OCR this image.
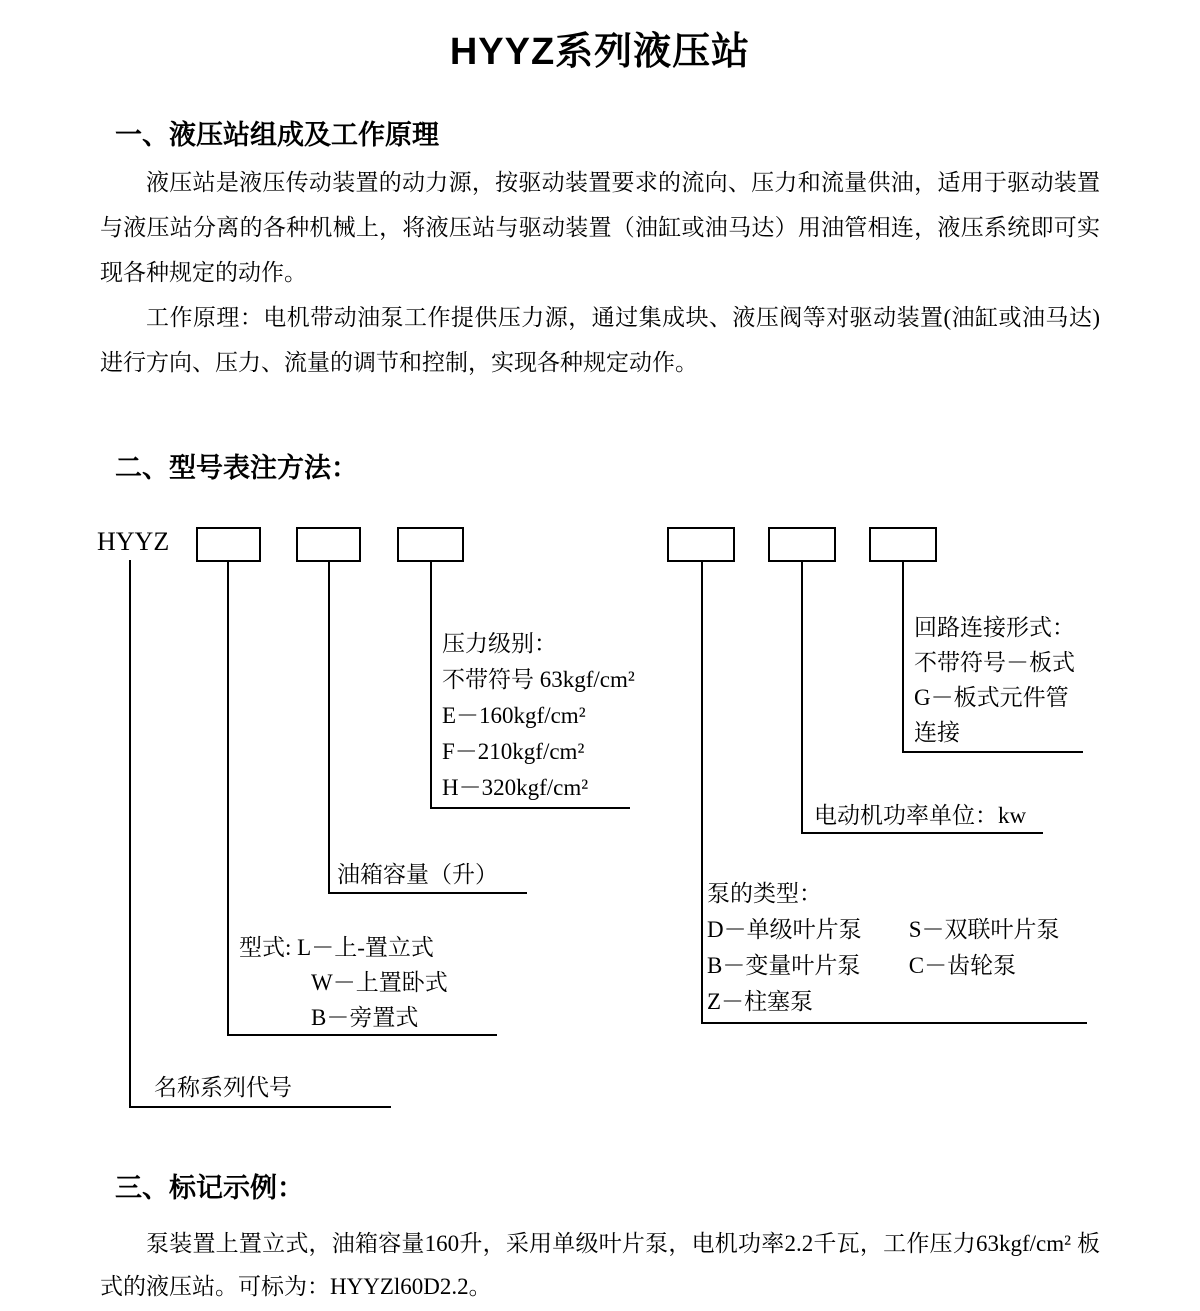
HYYZ系列液压站
一、液压站组成及工作原理
液压站是液压传动装置的动力源，按驱动装置要求的流向、压力和流量供油，适用于驱动装置与液压站分离的各种机械上，将液压站与驱动装置（油缸或油马达）用油管相连，液压系统即可实现各种规定的动作。
工作原理：电机带动油泵工作提供压力源，通过集成块、液压阀等对驱动装置(油缸或油马达)进行方向、压力、流量的调节和控制，实现各种规定动作。
二、型号表注方法：
HYYZ
压力级别：
不带符号 63kgf/cm²
E－160kgf/cm²
F－210kgf/cm²
H－320kgf/cm²
回路连接形式：
不带符号－板式
G－板式元件管
连接
电动机功率单位：kw
油箱容量（升）
泵的类型：
D－单级叶片泵 S－双联叶片泵
B－变量叶片泵 C－齿轮泵
Z－柱塞泵
型式: L－上-置立式
W－上置卧式
B－旁置式
名称系列代号
三、标记示例：
泵装置上置立式，油箱容量160升，采用单级叶片泵，电机功率2.2千瓦，工作压力63kgf/cm² 板式的液压站。可标为：HYYZl60D2.2。
